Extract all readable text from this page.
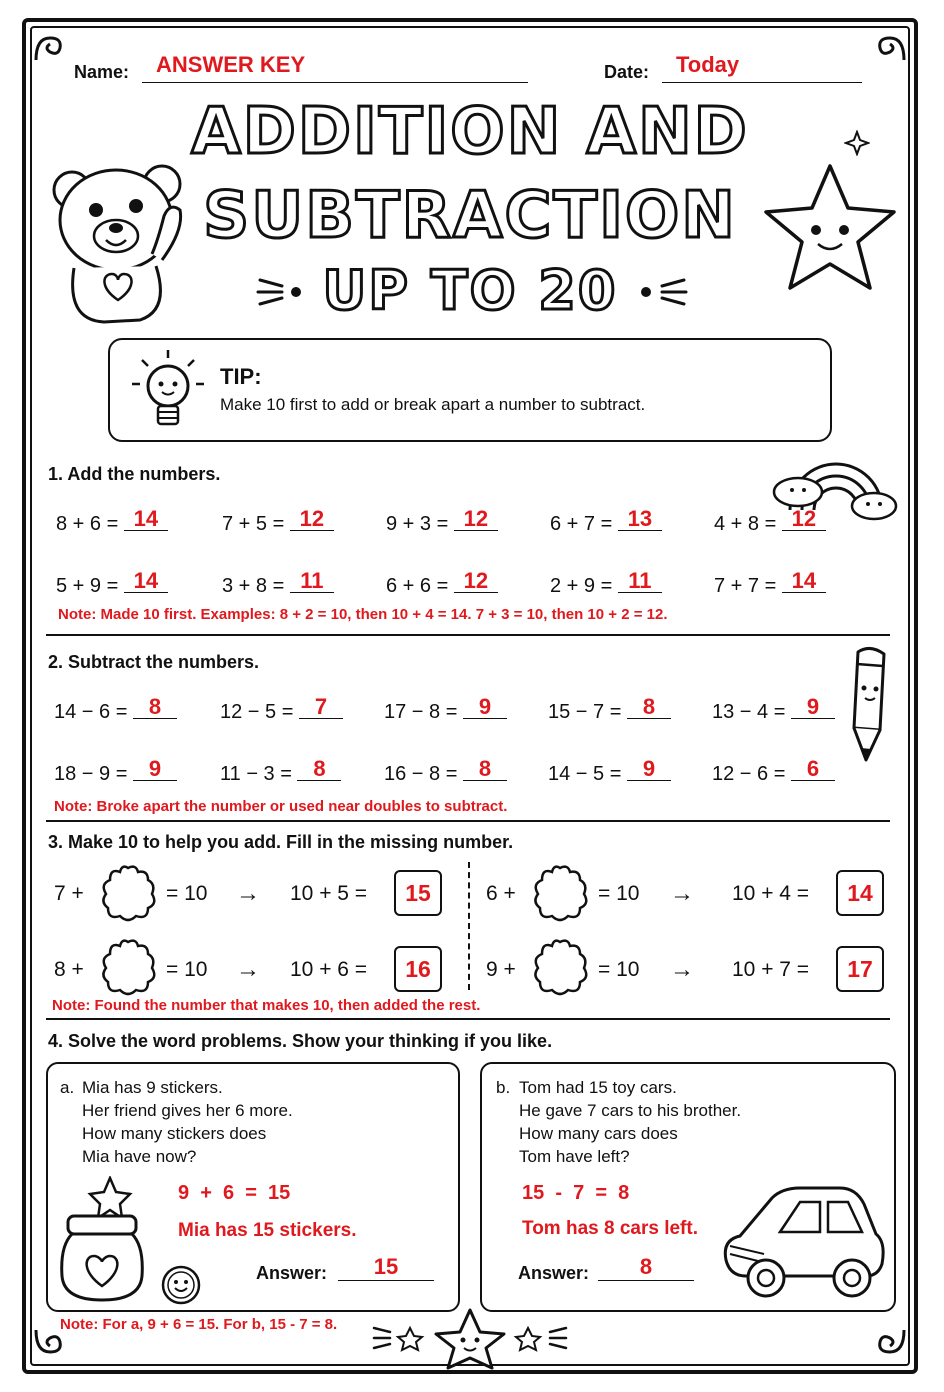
Name: ANSWER KEY	Date: Today
ADDITION AND
SUBTRACTION
UP TO 20
TIP:
Make 10 first to add or break apart a number to subtract.
1. Add the numbers.
8 + 6 = 14	7 + 5 = 12	9 + 3 = 12	6 + 7 = 13	4 + 8 = 12
5 + 9 = 14	3 + 8 = 11	6 + 6 = 12	2 + 9 = 11	7 + 7 = 14
Note: Made 10 first. Examples: 8 + 2 = 10, then 10 + 4 = 14. 7 + 3 = 10, then 10 + 2 = 12.
2. Subtract the numbers.
14 − 6 = 8	12 − 5 = 7	17 − 8 = 9	15 − 7 = 8	13 − 4 = 9
18 − 9 = 9	11 − 3 = 8	16 − 8 = 8	14 − 5 = 9	12 − 6 = 6
Note: Broke apart the number or used near doubles to subtract.
3. Make 10 to help you add. Fill in the missing number.
7 +	= 10 → 10 + 5 =	15	6 +	= 10 → 10 + 4 =	14
8 +	= 10 → 10 + 6 =	16	9 +	= 10 → 10 + 7 =	17
Note: Found the number that makes 10, then added the rest.
4. Solve the word problems. Show your thinking if you like.
a. Mia has 9 stickers.
Her friend gives her 6 more.
How many stickers does
Mia have now?
9  +  6  =  15
Mia has 15 stickers.
Answer:	15
b. Tom had 15 toy cars.
He gave 7 cars to his brother.
How many cars does
Tom have left?
15  -  7  =  8
Tom has 8 cars left.
Answer:	8
Note: For a, 9 + 6 = 15. For b, 15 - 7 = 8.
